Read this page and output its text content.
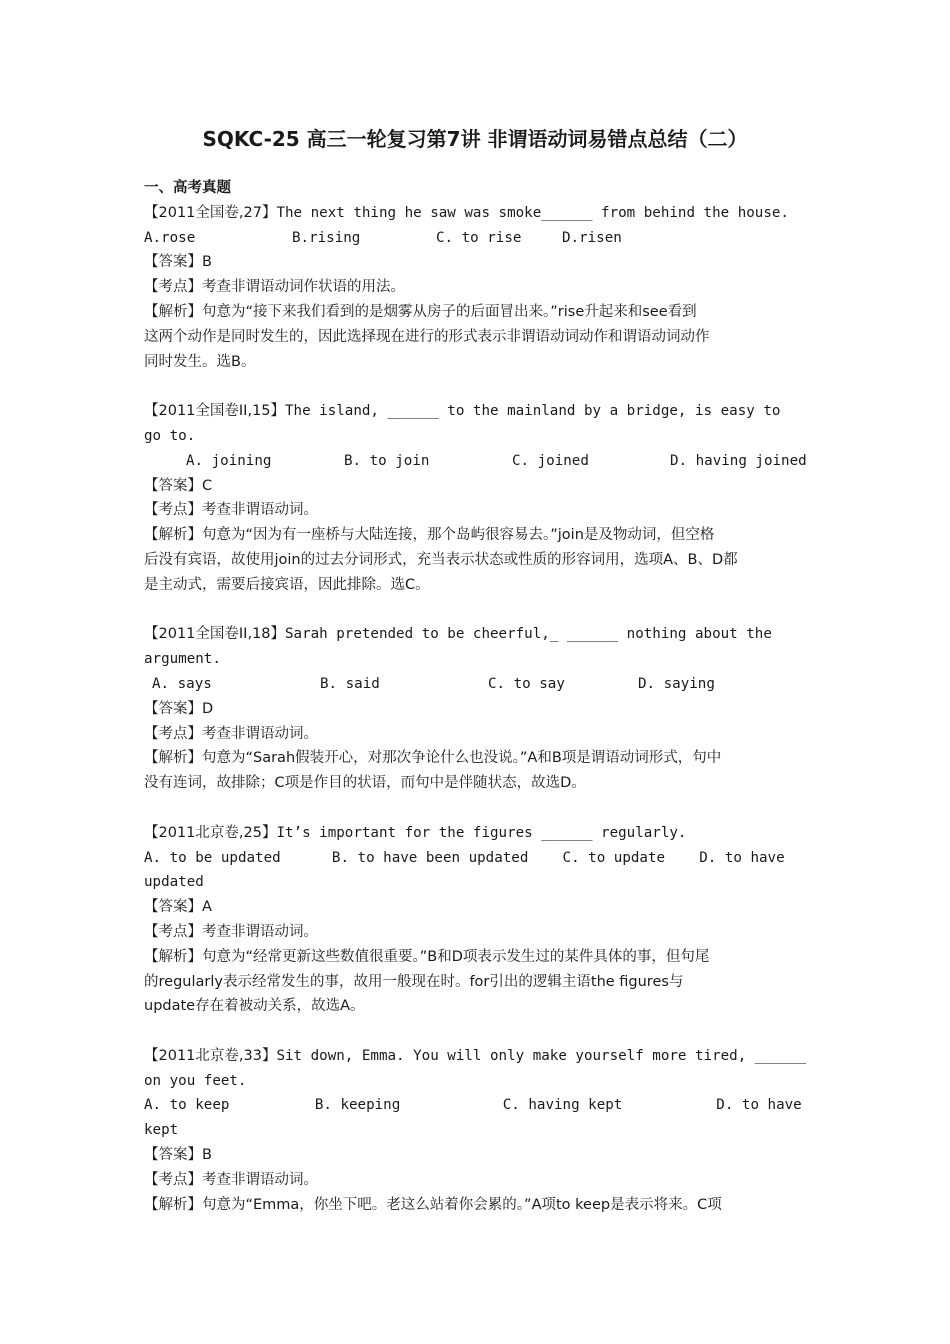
SQKC-25 高三一轮复习第7讲 非谓语动词易错点总结（二）
一、高考真题
【2011全国卷,27】The next thing he saw was smoke______ from behind the house.
A.rose	B.rising	C. to rise	D.risen
【答案】B
【考点】考查非谓语动词作状语的用法。
【解析】句意为“接下来我们看到的是烟雾从房子的后面冒出来。”rise升起来和see看到
这两个动作是同时发生的，因此选择现在进行的形式表示非谓语动词动作和谓语动词动作
同时发生。选B。
【2011全国卷II,15】The island, ______ to the mainland by a bridge, is easy to
go to.
A. joining	B. to join	C. joined	D. having joined
【答案】C
【考点】考查非谓语动词。
【解析】句意为“因为有一座桥与大陆连接，那个岛屿很容易去。”join是及物动词，但空格
后没有宾语，故使用join的过去分词形式，充当表示状态或性质的形容词用，选项A、B、D都
是主动式，需要后接宾语，因此排除。选C。
【2011全国卷II,18】Sarah pretended to be cheerful,_ ______ nothing about the
argument.
A. says	B. said	C. to say	D. saying
【答案】D
【考点】考查非谓语动词。
【解析】句意为“Sarah假装开心，对那次争论什么也没说。”A和B项是谓语动词形式，句中
没有连词，故排除；C项是作目的状语，而句中是伴随状态，故选D。
【2011北京卷,25】It’s important for the figures ______ regularly.
A. to be updated      B. to have been updated    C. to update    D. to have
updated
【答案】A
【考点】考查非谓语动词。
【解析】句意为“经常更新这些数值很重要。”B和D项表示发生过的某件具体的事，但句尾
的regularly表示经常发生的事，故用一般现在时。for引出的逻辑主语the figures与
update存在着被动关系，故选A。
【2011北京卷,33】Sit down, Emma. You will only make yourself more tired, ______
on you feet.
A. to keep          B. keeping            C. having kept           D. to have
kept
【答案】B
【考点】考查非谓语动词。
【解析】句意为“Emma，你坐下吧。老这么站着你会累的。”A项to keep是表示将来。C项
